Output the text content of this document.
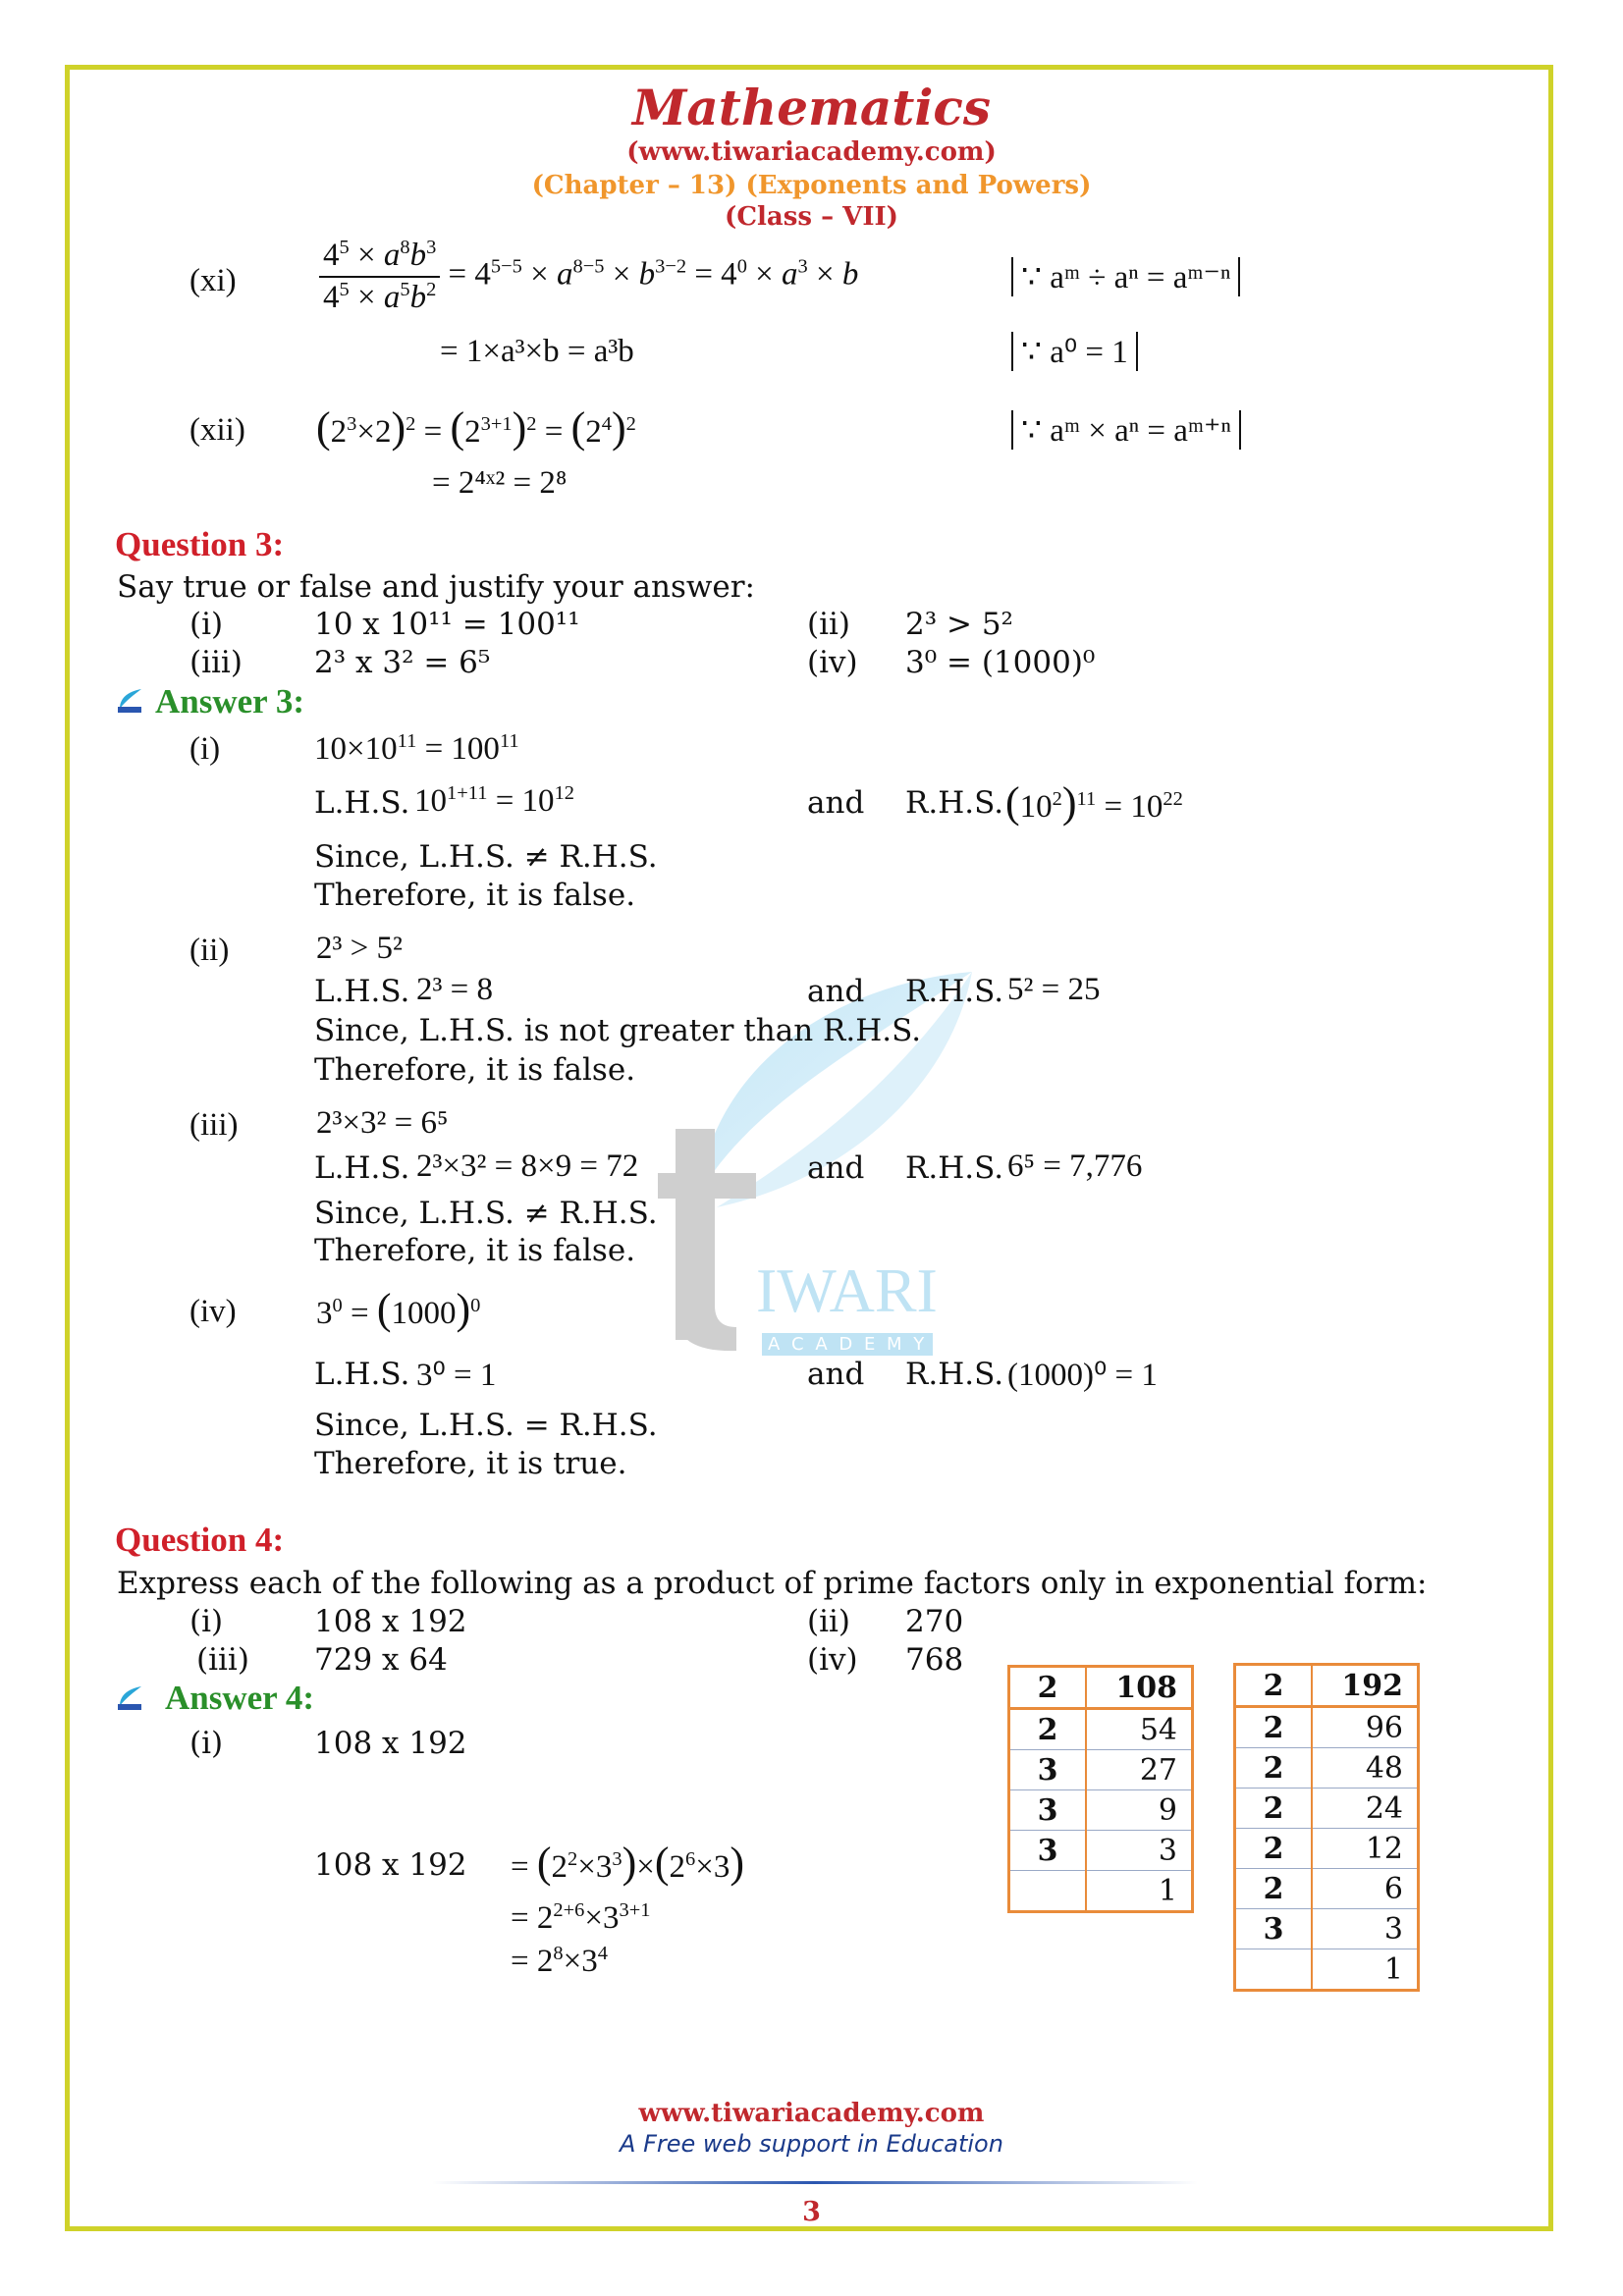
IWARI
A C A D E M Y
Mathematics
(www.tiwariacademy.com)
(Chapter – 13) (Exponents and Powers)
(Class – VII)
(xi)	$\frac{4^5 \times a^8b^3}{4^5 \times a^5b^2} = 4^{5-5} \times a^{8-5} \times b^{3-2} = 4^0 \times a^3 \times b$
= 1×a³×b = a³b
∵ aᵐ ÷ aⁿ = aᵐ⁻ⁿ
∵ a⁰ = 1
(xii) $(2^3\times 2)^2 = (2^{3+1})^2 = (2^4)^2$
= 2⁴ˣ² = 2⁸
∵ aᵐ × aⁿ = aᵐ⁺ⁿ
Question 3:
Say true or false and justify your answer:
(i)	10 x 10¹¹ = 100¹¹	(ii) 2³ > 5²
(iii) 2³ x 3² = 6⁵	(iv) 3⁰ = (1000)⁰
Answer 3:
(i)	$10\times 10^{11} = 100^{11}$
L.H.S. $10^{1+11} = 10^{12}$	and R.H.S. $(10^2)^{11} = 10^{22}$
Since, L.H.S. ≠ R.H.S.
Therefore, it is false.
(ii)	2³ > 5²
L.H.S. 2³ = 8	and R.H.S. 5² = 25
Since, L.H.S. is not greater than R.H.S.
Therefore, it is false.
(iii) 2³×3² = 6⁵
L.H.S. 2³×3² = 8×9 = 72	and R.H.S. 6⁵ = 7,776
Since, L.H.S. ≠ R.H.S.
Therefore, it is false.
(iv) $3^0 = (1000)^0$
L.H.S. 3⁰ = 1	and R.H.S. (1000)⁰ = 1
Since, L.H.S. = R.H.S.
Therefore, it is true.
Question 4:
Express each of the following as a product of prime factors only in exponential form:
(i)	108 x 192	(ii) 270
(iii) 729 x 64	(iv) 768
Answer 4:
(i)	108 x 192
108 x $192 = (2^2\times 3^3)\times(2^6\times 3)$
= $2^{2+6}\times 3^{3+1}$
= $2^8\times 3^4$
2	108
2	54
3	27
3	9
3	3
	1
2	192
2	96
2	48
2	24
2	12
2	6
3	3
	1
www.tiwariacademy.com
A Free web support in Education
3
